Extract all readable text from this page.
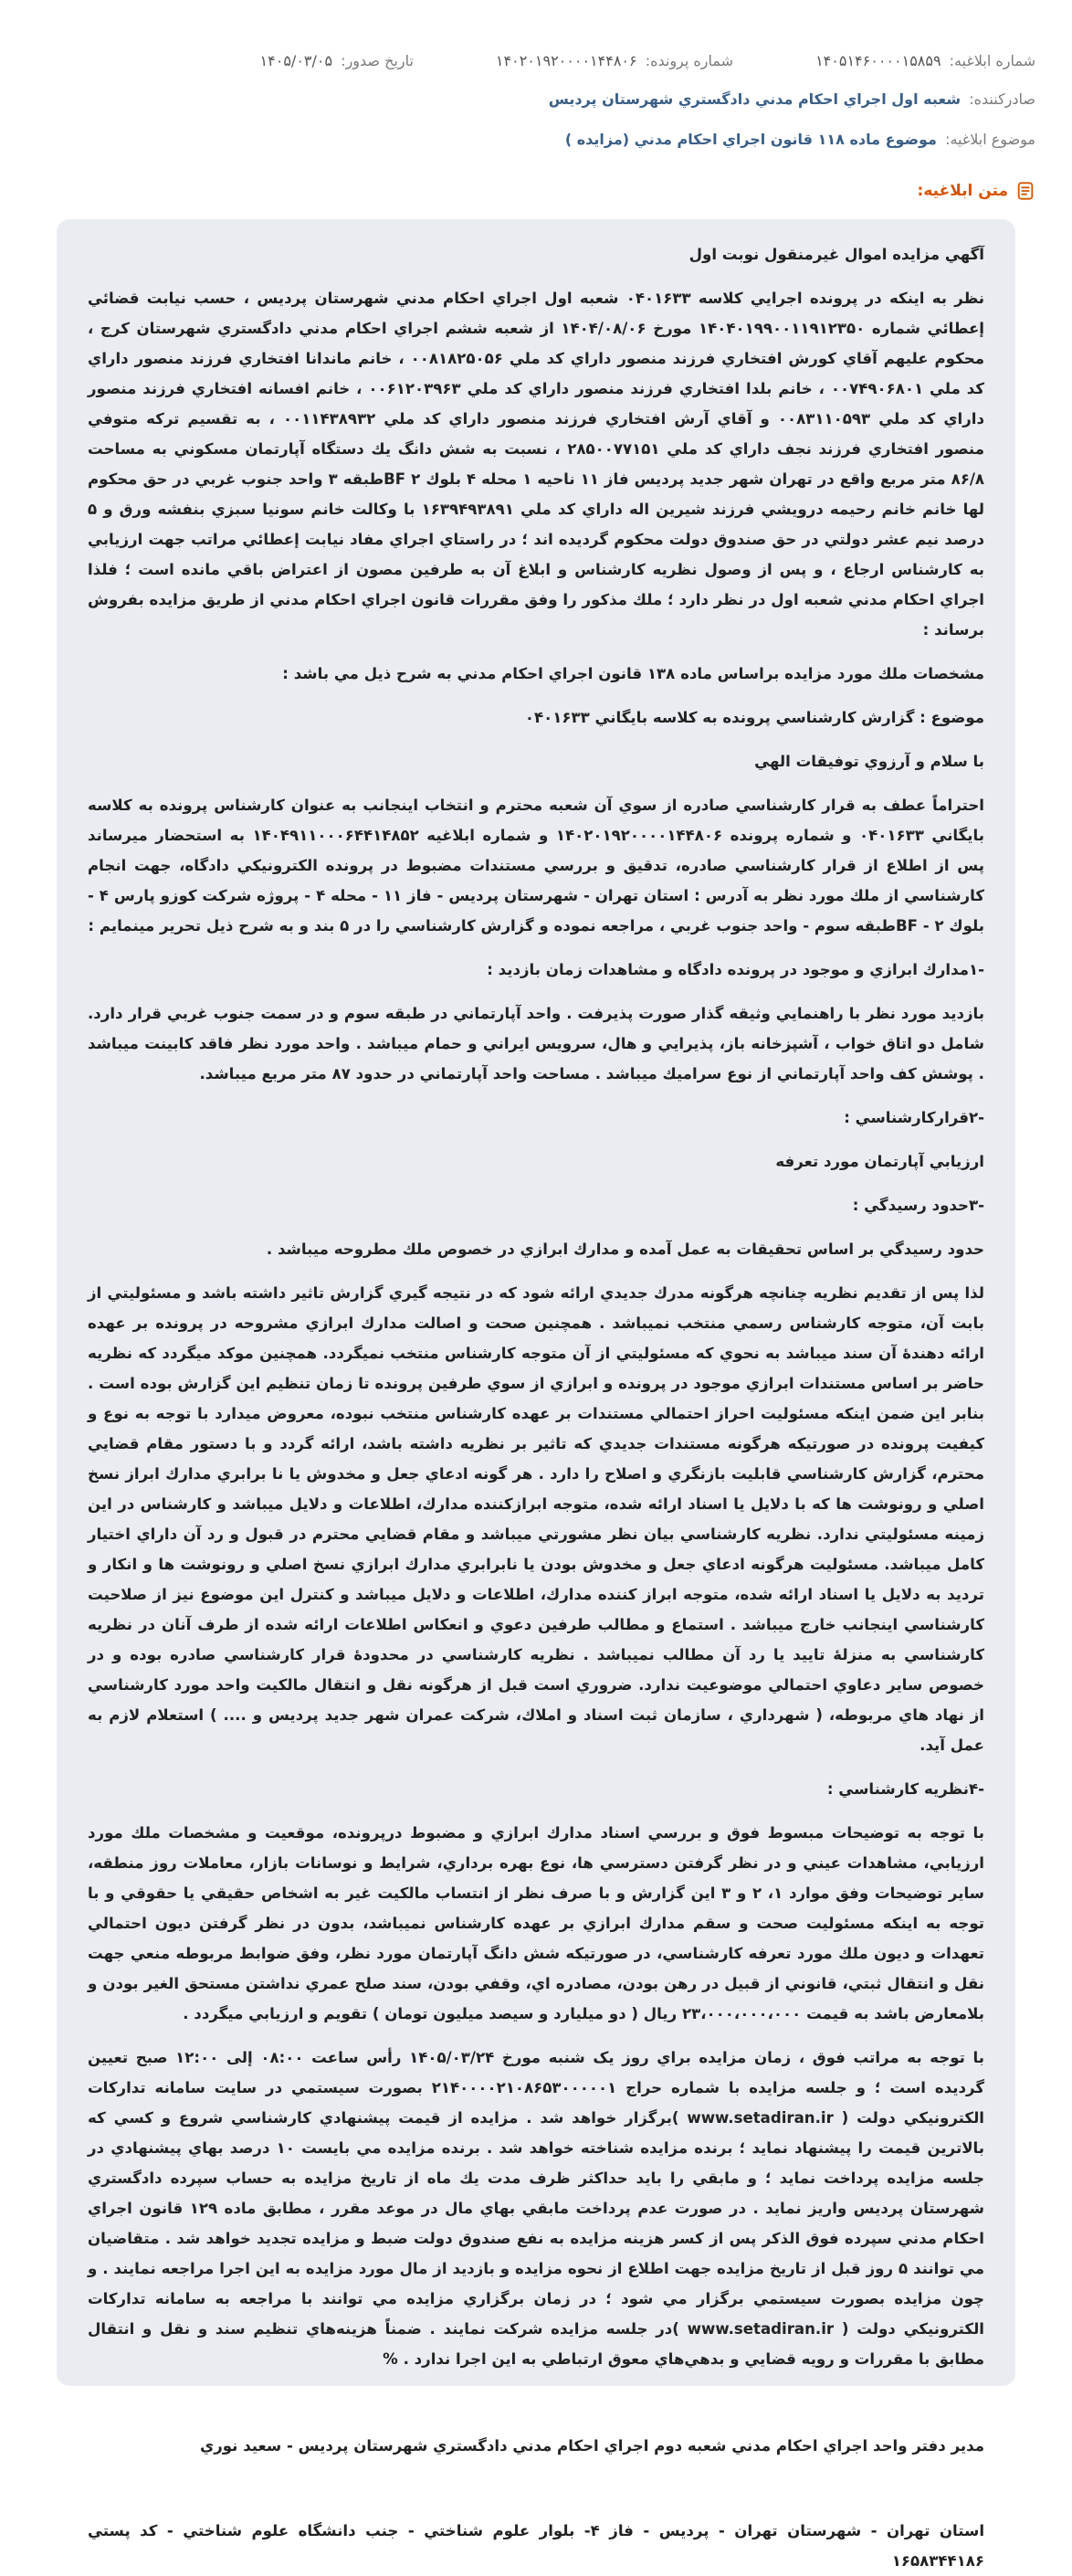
شماره ابلاغیه: ۱۴۰۵۱۴۶۰۰۰۰۱۵۸۵۹
شماره پرونده: ۱۴۰۲۰۱۹۲۰۰۰۰۱۴۴۸۰۶
تاریخ صدور: ۱۴۰۵/۰۳/۰۵
صادرکننده: شعبه اول اجراي احكام مدني دادگستري شهرستان پرديس
موضوع ابلاغیه: موضوع ماده ۱۱۸ قانون اجراي احكام مدني (مزايده )
متن ابلاغیه:

آگهي مزايده اموال غيرمنقول نوبت اول

نظر به اينكه در پرونده اجرايي كلاسه ۰۴۰۱۶۳۳ شعبه اول اجراي احكام مدني شهرستان پرديس ، حسب نيابت قضائي إعطائي شماره ۱۴۰۴۰۱۹۹۰۰۱۱۹۱۲۳۵۰ مورخ ۱۴۰۴/۰۸/۰۶ از شعبه ششم اجراي احكام مدني دادگستري شهرستان كرج ، محكوم عليهم آقاي كورش افتخاري فرزند منصور داراي كد ملي ۰۰۸۱۸۲۵۰۵۶ ، خانم ماندانا افتخاري فرزند منصور داراي كد ملي ۰۰۷۴۹۰۶۸۰۱ ، خانم بلدا افتخاري فرزند منصور داراي كد ملي ۰۰۶۱۲۰۳۹۶۳ ، خانم افسانه افتخاري فرزند منصور داراي كد ملي ۰۰۸۳۱۱۰۵۹۳ و آقاي آرش افتخاري فرزند منصور داراي كد ملي ۰۰۱۱۴۳۸۹۳۲ ، به تقسيم تركه متوفي منصور افتخاري فرزند نجف داراي كد ملي ۲۸۵۰۰۷۷۱۵۱ ، نسبت به شش دانگ يك دستگاه آپارتمان مسكوني به مساحت ۸۶/۸ متر مربع واقع در تهران شهر جديد پرديس فاز ۱۱ ناحيه ۱ محله ۴ بلوك BF ۲طبقه ۳ واحد جنوب غربي در حق محكوم لها خانم خانم رحيمه درويشي فرزند شيرين اله داراي كد ملي ۱۶۳۹۴۹۳۸۹۱ با وكالت خانم سونيا سبزي بنفشه ورق و ۵ درصد نيم عشر دولتي در حق صندوق دولت محكوم گرديده اند ؛ در راستاي اجراي مفاد نيابت إعطائي مراتب جهت ارزيابي به كارشناس ارجاع ، و پس از وصول نظريه كارشناس و ابلاغ آن به طرفين مصون از اعتراض باقي مانده است ؛ فلذا اجراي احكام مدني شعبه اول در نظر دارد ؛ ملك مذكور را وفق مقررات قانون اجراي احكام مدني از طريق مزايده بفروش برساند :

مشخصات ملك مورد مزايده براساس ماده ۱۳۸ قانون اجراي احكام مدني به شرح ذيل مي باشد :

موضوع : گزارش كارشناسي پرونده به كلاسه بايگاني ۰۴۰۱۶۳۳

با سلام و آرزوي توفيقات الهي

احتراماً عطف به قرار كارشناسي صادره از سوي آن شعبه محترم و انتخاب اينجانب به عنوان كارشناس پرونده به كلاسه بايگاني ۰۴۰۱۶۳۳ و شماره پرونده ۱۴۰۲۰۱۹۲۰۰۰۰۱۴۴۸۰۶ و شماره ابلاغيه ۱۴۰۴۹۱۱۰۰۰۶۴۴۱۴۸۵۲ به استحضار ميرساند پس از اطلاع از قرار كارشناسي صادره، تدقيق و بررسي مستندات مضبوط در پرونده الكترونيكي دادگاه، جهت انجام كارشناسي از ملك مورد نظر به آدرس : استان تهران - شهرستان پرديس - فاز ۱۱ - محله ۴ - پروژه شركت كوزو پارس ۴ - بلوك ۲ - BFطبقه سوم - واحد جنوب غربي ، مراجعه نموده و گزارش كارشناسي را در ۵ بند و به شرح ذيل تحرير مينمايم :

-۱مدارك ابرازي و موجود در پرونده دادگاه و مشاهدات زمان بازديد :

بازديد مورد نظر با راهنمايي وثيقه گذار صورت پذيرفت . واحد آپارتماني در طبقه سوم و در سمت جنوب غربي قرار دارد. شامل دو اتاق خواب ، آشپزخانه باز، پذيرايي و هال، سرويس ايراني و حمام ميباشد . واحد مورد نظر فاقد كابينت ميباشد . پوشش كف واحد آپارتماني از نوع سراميك ميباشد . مساحت واحد آپارتماني در حدود ۸۷ متر مربع ميباشد.

-۲قراركارشناسي :

ارزيابي آپارتمان مورد تعرفه

-۳حدود رسيدگي :

حدود رسيدگي بر اساس تحقيقات به عمل آمده و مدارك ابرازي در خصوص ملك مطروحه ميباشد .

لذا پس از تقديم نظريه چنانچه هرگونه مدرك جديدي ارائه شود كه در نتيجه گيري گزارش تاثير داشته باشد و مسئوليتي از بابت آن، متوجه كارشناس رسمي منتخب نميباشد . همچنين صحت و اصالت مدارك ابرازي مشروحه در پرونده بر عهده ارائه دهندهٔ آن سند ميباشد به نحوي كه مسئوليتي از آن متوجه كارشناس منتخب نميگردد. همچنين موكد ميگردد كه نظريه حاضر بر اساس مستندات ابرازي موجود در پرونده و ابرازي از سوي طرفين پرونده تا زمان تنظيم اين گزارش بوده است . بنابر اين ضمن اينكه مسئوليت احراز احتمالي مستندات بر عهده كارشناس منتخب نبوده، معروض ميدارد با توجه به نوع و كيفيت پرونده در صورتيكه هرگونه مستندات جديدي كه تاثير بر نظريه داشته باشد، ارائه گردد و با دستور مقام قضايي محترم، گزارش كارشناسي قابليت بازنگري و اصلاح را دارد . هر گونه ادعاي جعل و مخدوش يا نا برابري مدارك ابراز نسخ اصلي و رونوشت ها كه با دلايل يا اسناد ارائه شده، متوجه ابرازكننده مدارك، اطلاعات و دلايل ميباشد و كارشناس در اين زمينه مسئوليتي ندارد. نظريه كارشناسي بيان نظر مشورتي ميباشد و مقام قضايي محترم در قبول و رد آن داراي اختيار كامل ميباشد. مسئوليت هرگونه ادعاي جعل و مخدوش بودن يا نابرابري مدارك ابرازي نسخ اصلي و رونوشت ها و انكار و ترديد به دلايل يا اسناد ارائه شده، متوجه ابراز كننده مدارك، اطلاعات و دلايل ميباشد و كنترل اين موضوع نيز از صلاحيت كارشناسي اينجانب خارج ميباشد . استماع و مطالب طرفين دعوي و انعكاس اطلاعات ارائه شده از طرف آنان در نظريه كارشناسي به منزلهٔ تاييد يا رد آن مطالب نميباشد . نظريه كارشناسي در محدودهٔ قرار كارشناسي صادره بوده و در خصوص ساير دعاوي احتمالي موضوعيت ندارد. ضروري است قبل از هرگونه نقل و انتقال مالكيت واحد مورد كارشناسي از نهاد هاي مربوطه، ( شهرداري ، سازمان ثبت اسناد و املاك، شركت عمران شهر جديد پرديس و .... ) استعلام لازم به عمل آيد.

-۴نظريه كارشناسي :

با توجه به توضيحات مبسوط فوق و بررسي اسناد مدارك ابرازي و مضبوط درپرونده، موقعيت و مشخصات ملك مورد ارزيابي، مشاهدات عيني و در نظر گرفتن دسترسي ها، نوع بهره برداري، شرايط و نوسانات بازار، معاملات روز منطقه، ساير توضيحات وفق موارد ۱، ۲ و ۳ اين گزارش و با صرف نظر از انتساب مالكيت غير به اشخاص حقيقي يا حقوقي و با توجه به اينكه مسئوليت صحت و سقم مدارك ابرازي بر عهده كارشناس نميباشد، بدون در نظر گرفتن ديون احتمالي تعهدات و ديون ملك مورد تعرفه كارشناسي، در صورتيكه شش دانگ آپارتمان مورد نظر، وفق ضوابط مربوطه منعي جهت نقل و انتقال ثبتي، قانوني از قبيل در رهن بودن، مصادره اي، وقفي بودن، سند صلح عمري نداشتن مستحق الغير بودن و بلامعارض باشد به قيمت ۲۳،۰۰۰،۰۰۰،۰۰۰ ريال ( دو ميليارد و سيصد ميليون تومان ) تقويم و ارزيابي ميگردد .

با توجه به مراتب فوق ، زمان مزايده براي روز يک شنبه مورخ ۱۴۰۵/۰۳/۲۴ رأس ساعت ۰۸:۰۰ إلى ۱۲:۰۰ صبح تعيين گرديده است ؛ و جلسه مزايده با شماره حراج ۲۱۴۰۰۰۰۲۱۰۸۶۵۳۰۰۰۰۰۱ بصورت سيستمي در سايت سامانه تداركات الكترونيكي دولت ( www.setadiran.ir )برگزار خواهد شد . مزايده از قيمت پيشنهادي كارشناسي شروع و كسي كه بالاترين قيمت را پيشنهاد نمايد ؛ برنده مزايده شناخته خواهد شد . برنده مزايده مي بايست ۱۰ درصد بهاي پيشنهادي در جلسه مزايده پرداخت نمايد ؛ و مابقي را بايد حداكثر ظرف مدت يك ماه از تاريخ مزايده به حساب سپرده دادگستري شهرستان پرديس واريز نمايد . در صورت عدم پرداخت مابقي بهاي مال در موعد مقرر ، مطابق ماده ۱۲۹ قانون اجراي احكام مدني سپرده فوق الذكر پس از كسر هزينه مزايده به نفع صندوق دولت ضبط و مزايده تجديد خواهد شد . متقاضيان مي توانند ۵ روز قبل از تاريخ مزايده جهت اطلاع از نحوه مزايده و بازديد از مال مورد مزايده به اين اجرا مراجعه نمايند . و چون مزايده بصورت سيستمي برگزار مي شود ؛ در زمان برگزاري مزايده مي توانند با مراجعه به سامانه تداركات الكترونيكي دولت ( www.setadiran.ir )در جلسه مزايده شركت نمايند . ضمناً هزينه‌هاي تنظيم سند و نقل و انتقال مطابق با مقررات و رويه قضايي و بدهي‌هاي معوق ارتباطي به اين اجرا ندارد . %

مدير دفتر واحد اجراي احكام مدني شعبه دوم اجراي احكام مدني دادگستري شهرستان پرديس - سعيد نوري

استان تهران - شهرستان تهران - پرديس - فاز ۴- بلوار علوم شناختي - جنب دانشگاه علوم شناختي - كد پستي ۱۶۵۸۳۴۴۱۸۶
